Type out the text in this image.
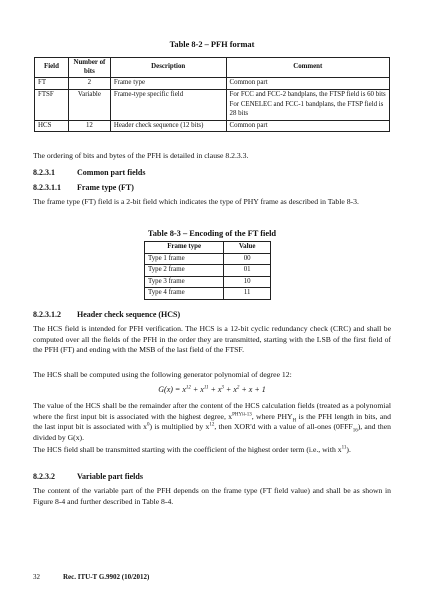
Table 8-2 – PFH format
Field	Number of bits	Description	Comment
FT	2	Frame type	Common part
FTSF	Variable	Frame-type specific field	For FCC and FCC-2 bandplans, the FTSP field is 60 bits
For CENELEC and FCC-1 bandplans, the FTSP field is 28 bits

HCS	12	Header check sequence (12 bits)	Common part
The ordering of bits and bytes of the PFH is detailed in clause 8.2.3.3.
8.2.3.1	Common part fields
8.2.3.1.1 Frame type (FT)
The frame type (FT) field is a 2-bit field which indicates the type of PHY frame as described in Table 8-3.
Table 8-3 – Encoding of the FT field
Frame type	Value
Type 1 frame	00
Type 2 frame	01
Type 3 frame	10
Type 4 frame	11
8.2.3.1.2 Header check sequence (HCS)
The HCS field is intended for PFH verification. The HCS is a 12-bit cyclic redundancy check (CRC) and shall be computed over all the fields of the PFH in the order they are transmitted, starting with the LSB of the first field of the PFH (FT) and ending with the MSB of the last field of the FTSF.
The HCS shall be computed using the following generator polynomial of degree 12:
$G(x) = x^{12} + x^{11} + x^3 + x^2 + x + 1$
The value of the HCS shall be the remainder after the content of the HCS calculation fields (treated as a polynomial where the first input bit is associated with the highest degree, $x^{PHYH-13}$, where $PHY_H$ is the PFH length in bits, and the last input bit is associated with $x^0$) is multiplied by $x^{12}$, then XOR'd with a value of all-ones $(0FFF_{16})$, and then divided by G(x).
The HCS field shall be transmitted starting with the coefficient of the highest order term (i.e., with $x^{11}$).
8.2.3.2	Variable part fields
The content of the variable part of the PFH depends on the frame type (FT field value) and shall be as shown in Figure 8-4 and further described in Table 8-4.
32	Rec. ITU-T G.9902 (10/2012)
